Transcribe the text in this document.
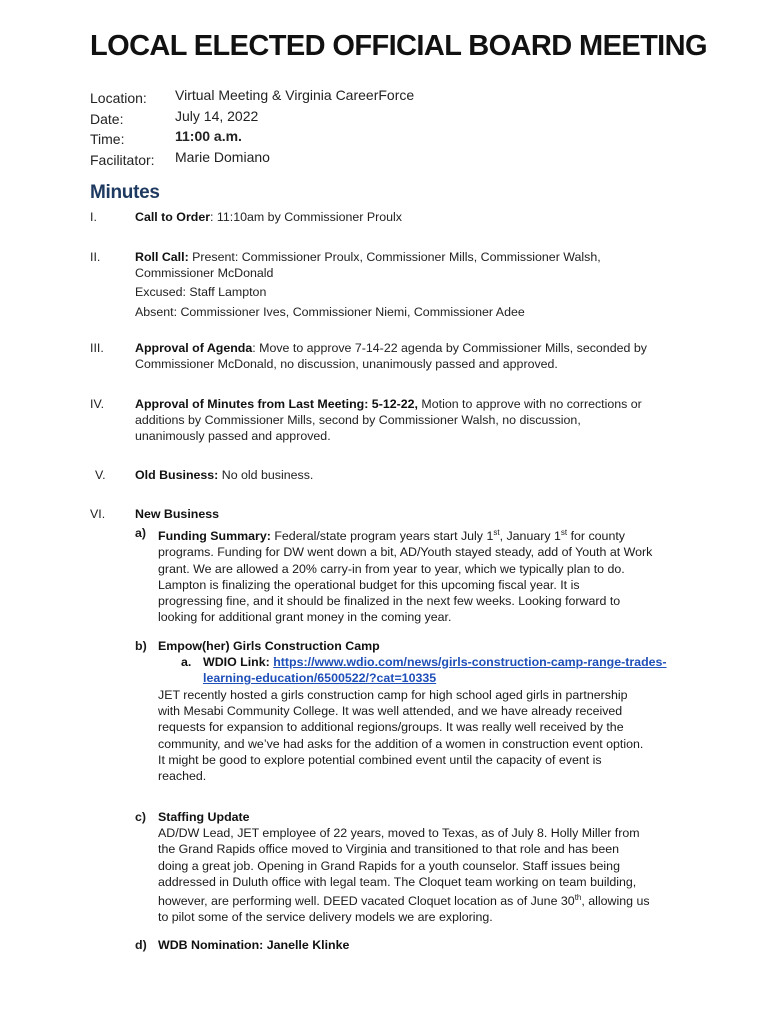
LOCAL ELECTED OFFICIAL BOARD MEETING
Location: Virtual Meeting & Virginia CareerForce
Date:	July 14, 2022
Time:	11:00 a.m.
Facilitator: Marie Domiano
Minutes
I.	Call to Order: 11:10am by Commissioner Proulx
II.	Roll Call: Present: Commissioner Proulx, Commissioner Mills, Commissioner Walsh,
Commissioner McDonald
Excused: Staff Lampton
Absent: Commissioner Ives, Commissioner Niemi, Commissioner Adee
III.	Approval of Agenda: Move to approve 7-14-22 agenda by Commissioner Mills, seconded by
Commissioner McDonald, no discussion, unanimously passed and approved.
IV.	Approval of Minutes from Last Meeting: 5-12-22, Motion to approve with no corrections or
additions by Commissioner Mills, second by Commissioner Walsh, no discussion,
unanimously passed and approved.
V.	Old Business: No old business.
VI.	New Business
a) Funding Summary: Federal/state program years start July 1st, January 1st for county
programs. Funding for DW went down a bit, AD/Youth stayed steady, add of Youth at Work
grant. We are allowed a 20% carry-in from year to year, which we typically plan to do.
Lampton is finalizing the operational budget for this upcoming fiscal year. It is
progressing fine, and it should be finalized in the next few weeks. Looking forward to
looking for additional grant money in the coming year.
b) Empow(her) Girls Construction Camp
a. WDIO Link: https://www.wdio.com/news/girls-construction-camp-range-trades-
learning-education/6500522/?cat=10335
JET recently hosted a girls construction camp for high school aged girls in partnership
with Mesabi Community College. It was well attended, and we have already received
requests for expansion to additional regions/groups. It was really well received by the
community, and we’ve had asks for the addition of a women in construction event option.
It might be good to explore potential combined event until the capacity of event is
reached.
c) Staffing Update
AD/DW Lead, JET employee of 22 years, moved to Texas, as of July 8. Holly Miller from
the Grand Rapids office moved to Virginia and transitioned to that role and has been
doing a great job. Opening in Grand Rapids for a youth counselor. Staff issues being
addressed in Duluth office with legal team. The Cloquet team working on team building,
however, are performing well. DEED vacated Cloquet location as of June 30th, allowing us
to pilot some of the service delivery models we are exploring.
d) WDB Nomination: Janelle Klinke
